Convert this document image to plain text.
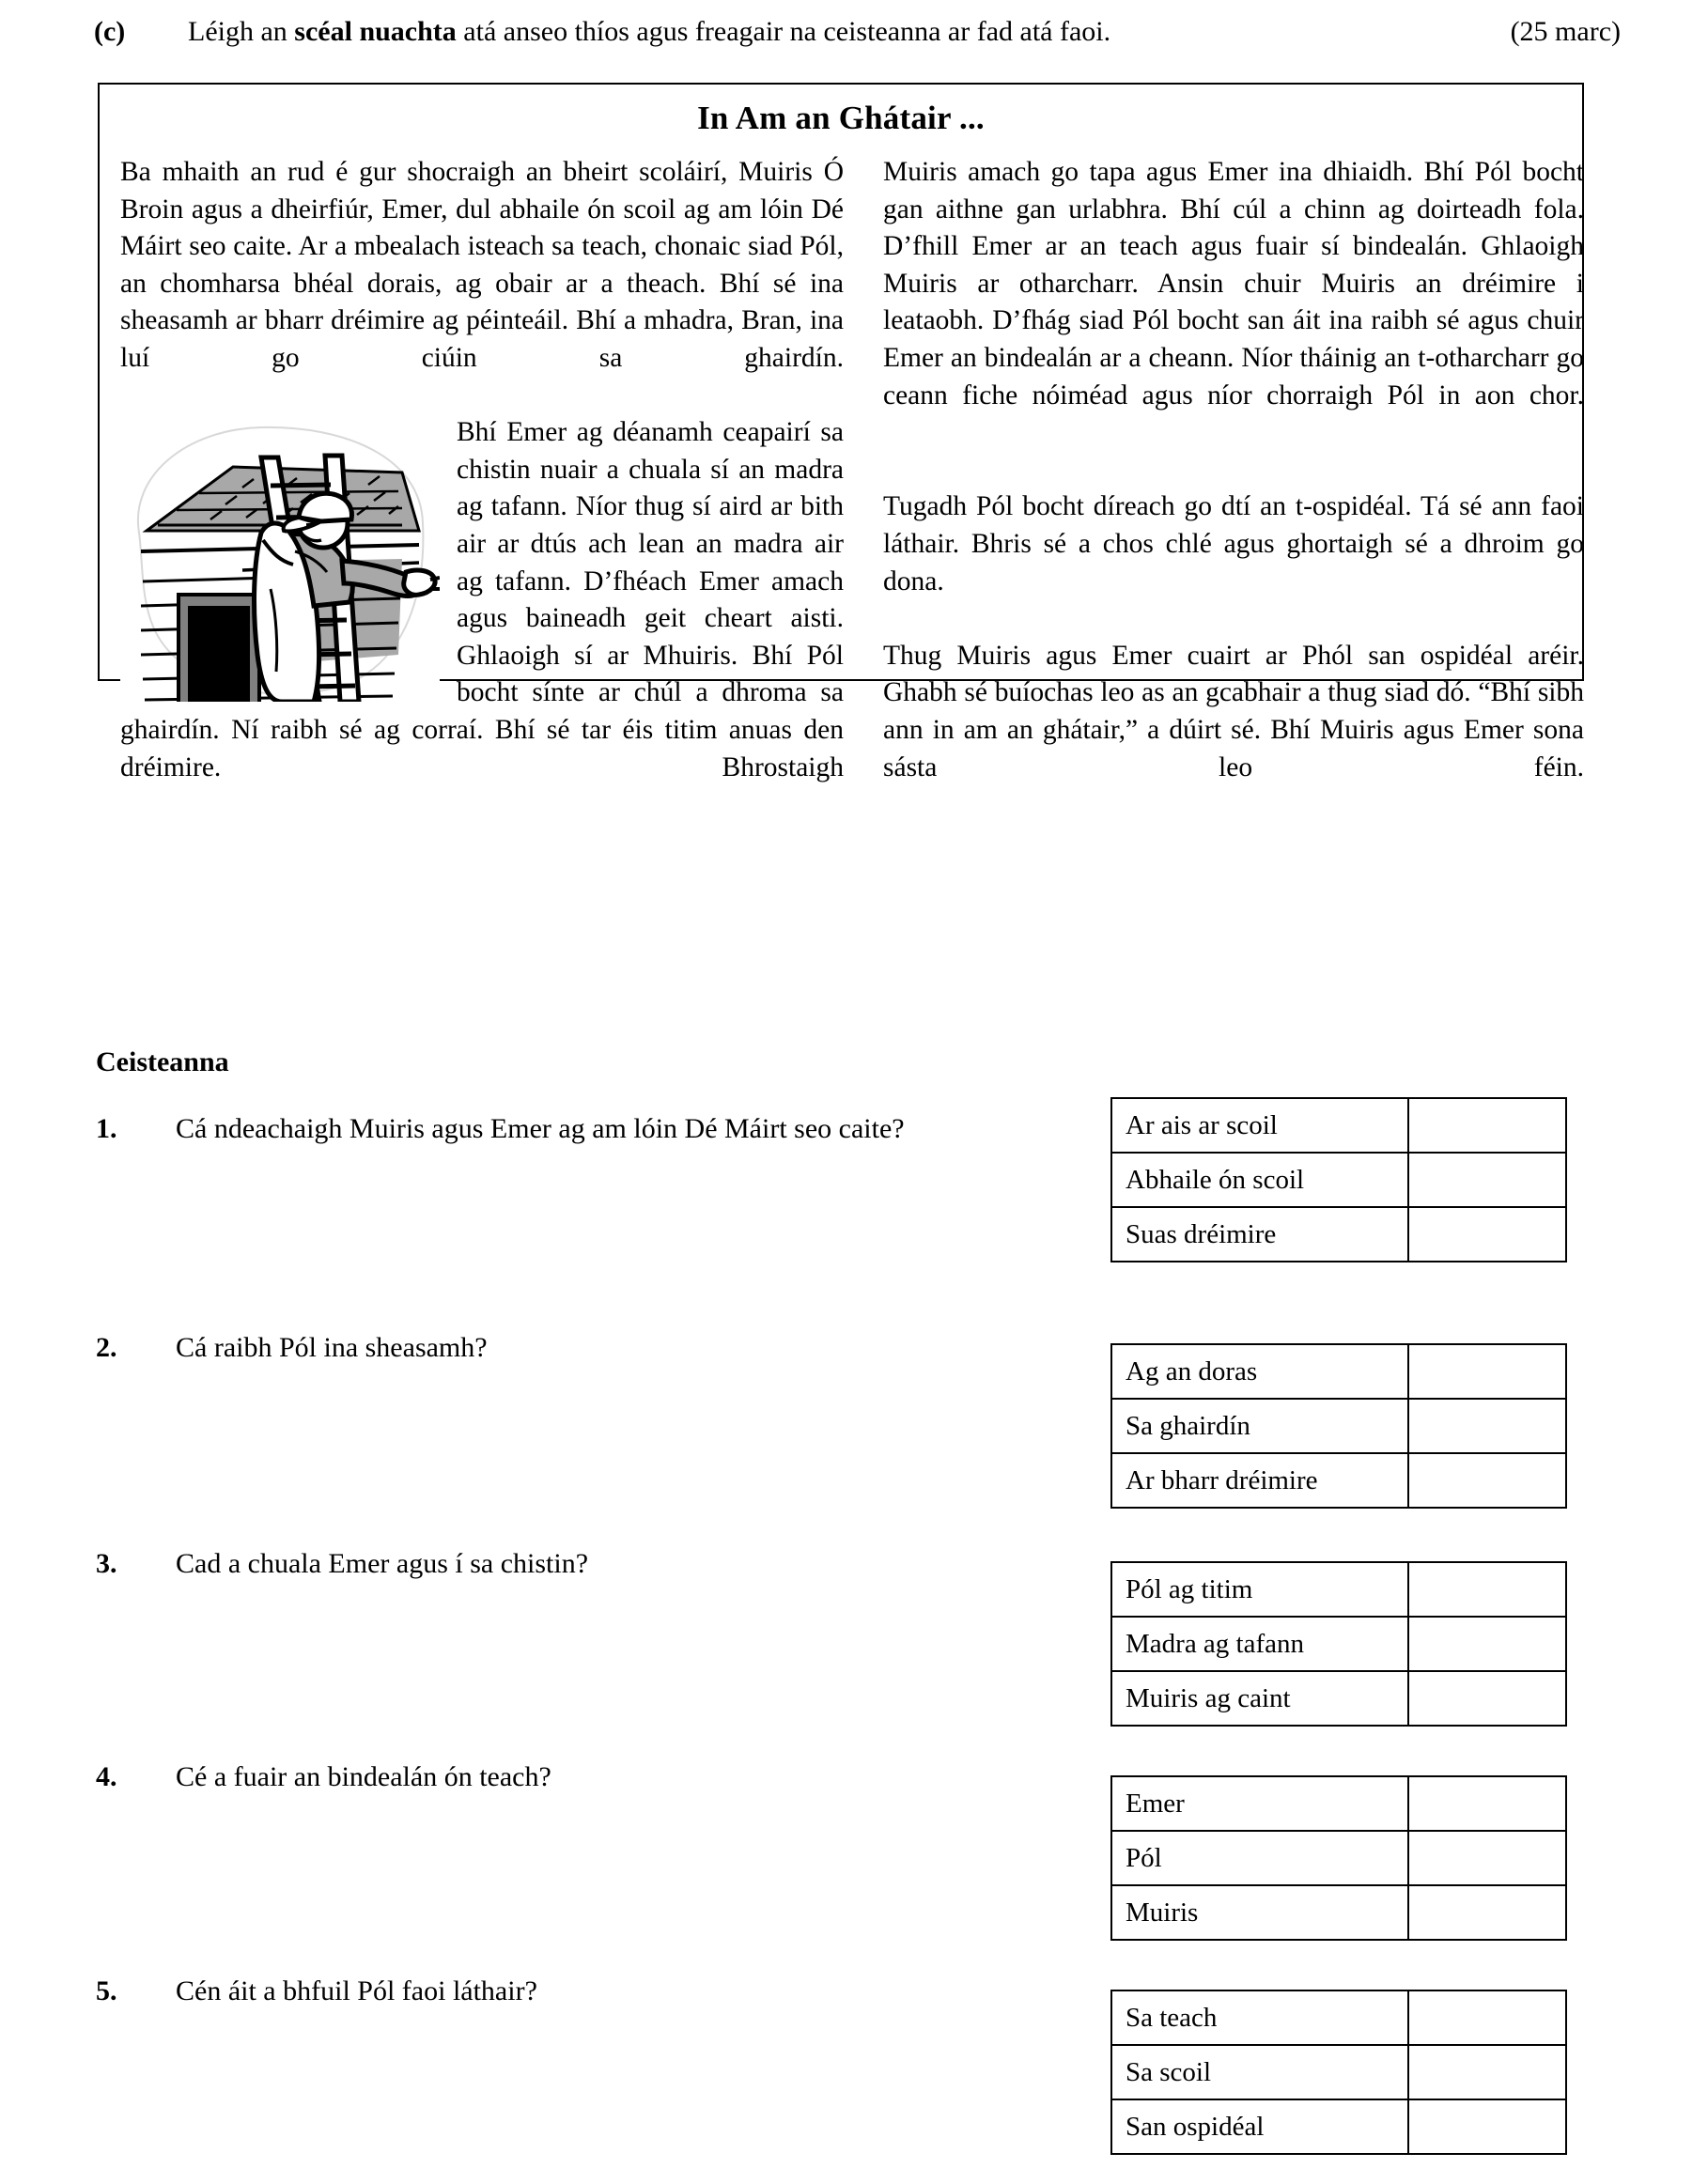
(c)	Léigh an scéal nuachta atá anseo thíos agus freagair na ceisteanna ar fad atá faoi.	(25 marc)
In Am an Ghátair ...

Ba mhaith an rud é gur shocraigh an bheirt scoláirí, Muiris Ó Broin agus a dheirfiúr, Emer, dul abhaile ón scoil ag am lóin Dé Máirt seo caite. Ar a mbealach isteach sa teach, chonaic siad Pól, an chomharsa bhéal dorais, ag obair ar a theach. Bhí sé ina sheasamh ar bharr dréimire ag péinteáil. Bhí a mhadra, Bran, ina luí go ciúin sa ghairdín.

Bhí Emer ag déanamh ceapairí sa chistin nuair a chuala sí an madra ag tafann. Níor thug sí aird ar bith air ar dtús ach lean an madra air ag tafann. D’fhéach Emer amach agus baineadh geit cheart aisti. Ghlaoigh sí ar Mhuiris. Bhí Pól bocht sínte ar chúl a dhroma sa ghairdín. Ní raibh sé ag corraí. Bhí sé tar éis titim anuas den dréimire. Bhrostaigh

Muiris amach go tapa agus Emer ina dhiaidh. Bhí Pól bocht gan aithne gan urlabhra. Bhí cúl a chinn ag doirteadh fola. D’fhill Emer ar an teach agus fuair sí bindealán. Ghlaoigh Muiris ar otharcharr. Ansin chuir Muiris an dréimire i leataobh. D’fhág siad Pól bocht san áit ina raibh sé agus chuir Emer an bindealán ar a cheann. Níor tháinig an t-otharcharr go ceann fiche nóiméad agus níor chorraigh Pól in aon chor.

Tugadh Pól bocht díreach go dtí an t-ospidéal. Tá sé ann faoi láthair. Bhris sé a chos chlé agus ghortaigh sé a dhroim go dona.

Thug Muiris agus Emer cuairt ar Phól san ospidéal aréir. Ghabh sé buíochas leo as an gcabhair a thug siad dó. “Bhí sibh ann in am an ghátair,” a dúirt sé. Bhí Muiris agus Emer sona sásta leo féin.

Ceisteanna
1.	Cá ndeachaigh Muiris agus Emer ag am lóin Dé Máirt seo caite?	Ar ais ar scoil	
Abhaile ón scoil	
Suas dréimire	
2.	Cá raibh Pól ina sheasamh?
Ag an doras	
Sa ghairdín	
Ar bharr dréimire	
3.	Cad a chuala Emer agus í sa chistin?
Pól ag titim	
Madra ag tafann	
Muiris ag caint	
4.	Cé a fuair an bindealán ón teach?
Emer	
Pól	
Muiris	
5.	Cén áit a bhfuil Pól faoi láthair?
Sa teach	
Sa scoil	
San ospidéal	
